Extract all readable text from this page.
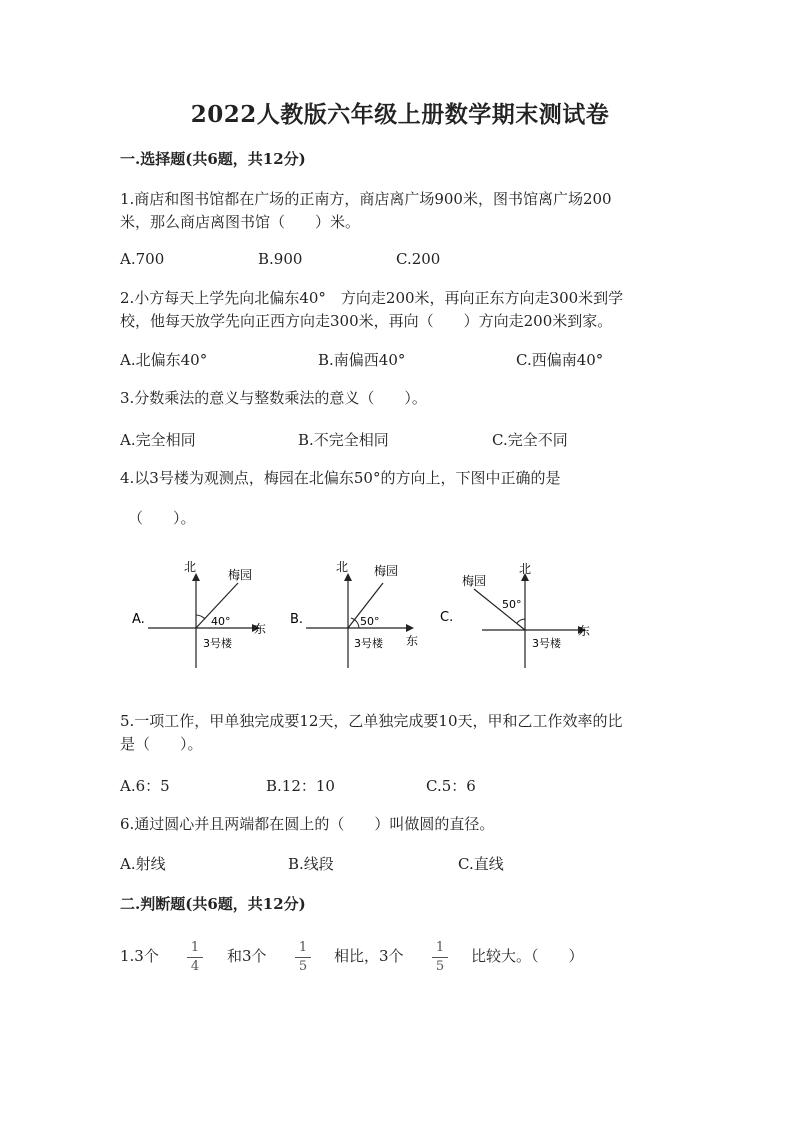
2022人教版六年级上册数学期末测试卷
一.选择题(共6题，共12分)
1.商店和图书馆都在广场的正南方，商店离广场900米，图书馆离广场200
米，那么商店离图书馆（　　）米。
A.700	B.900	C.200
2.小方每天上学先向北偏东40°　方向走200米，再向正东方向走300米到学
校，他每天放学先向正西方向走300米，再向（　　）方向走200米到家。
A.北偏东40°	B.南偏西40°	C.西偏南40°
3.分数乘法的意义与整数乘法的意义（　　）。
A.完全相同	B.不完全相同	C.完全不同
4.以3号楼为观测点，梅园在北偏东50°的方向上，下图中正确的是
（　　）。
A.
北
梅园
40°
东
3号楼
B.
北 梅园
50°
东
3号楼
C.
北
梅园
50°
东
3号楼
5.一项工作，甲单独完成要12天，乙单独完成要10天，甲和乙工作效率的比
是（　　）。
A.6：5	B.12：10	C.5：6
6.通过圆心并且两端都在圆上的（　　）叫做圆的直径。
A.射线	B.线段	C.直线
二.判断题(共6题，共12分)
1.3个 1
4
和3个 1
5
相比，3个 1
5
比较大。（　　）
